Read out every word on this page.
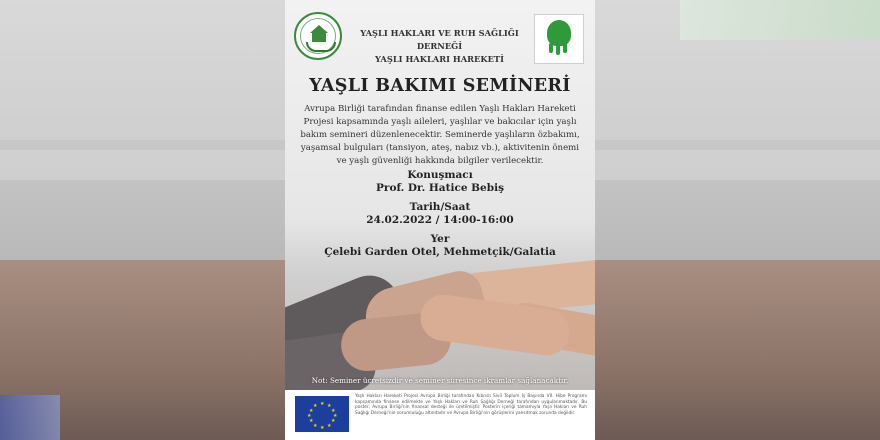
YAŞLI HAKLARI VE RUH SAĞLIĞI DERNEĞİ
YAŞLI HAKLARI HAREKETİ
YAŞLI BAKIMI SEMİNERİ
Avrupa Birliği tarafından finanse edilen Yaşlı Hakları Hareketi Projesi kapsamında yaşlı aileleri, yaşlılar ve bakıcılar için yaşlı bakım semineri düzenlenecektir. Seminerde yaşlıların özbakımı, yaşamsal bulguları (tansiyon, ateş, nabız vb.), aktivitenin önemi ve yaşlı güvenliği hakkında bilgiler verilecektir.
Konuşmacı
Prof. Dr. Hatice Bebiş
Tarih/Saat
24.02.2022 / 14:00-16:00
Yer
Çelebi Garden Otel, Mehmetçik/Galatia
Not: Seminer ücretsizdir ve seminer süresince ikramlar sağlanacaktır.
★ ★
★
★
★
★
★
★
★
★
★
★
Yaşlı Hakları Hareketi Projesi Avrupa Birliği tarafından Kıbrıslı Sivil Toplum İş Başında VII. Hibe Programı kapsamında finanse edilmekte ve Yaşlı Hakları ve Ruh Sağlığı Derneği tarafından uygulanmaktadır. Bu poster, Avrupa Birliği'nin finansal desteği ile üretilmiştir. Posterin içeriği tamamıyla Yaşlı Hakları ve Ruh Sağlığı Derneği'nin sorumluluğu altındadır ve Avrupa Birliği'nin görüşlerini yansıtmak zorunda değildir.
